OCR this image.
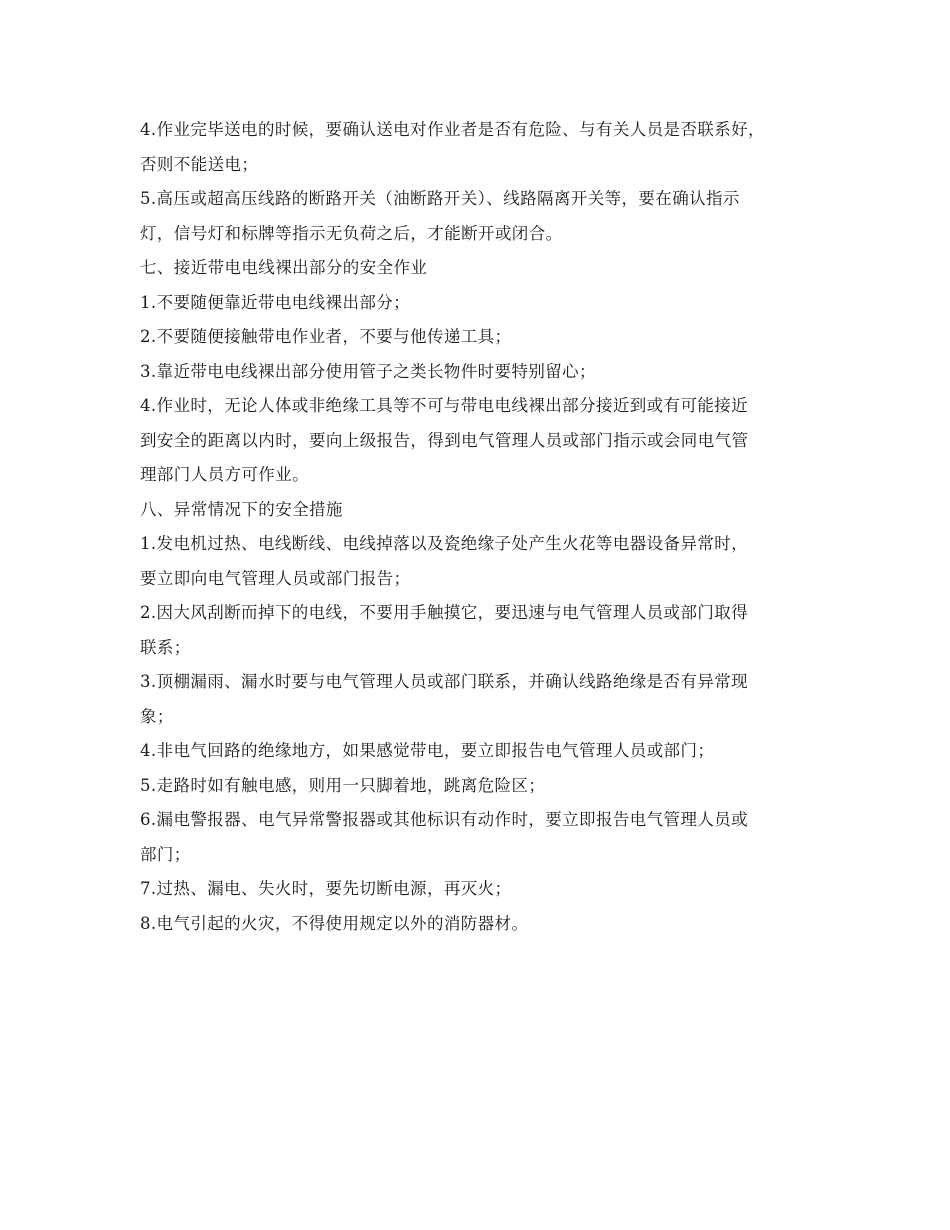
4.作业完毕送电的时候，要确认送电对作业者是否有危险、与有关人员是否联系好，
否则不能送电；
5.高压或超高压线路的断路开关（油断路开关）、线路隔离开关等，要在确认指示
灯，信号灯和标牌等指示无负荷之后，才能断开或闭合。
七、接近带电电线裸出部分的安全作业
1.不要随便靠近带电电线裸出部分；
2.不要随便接触带电作业者，不要与他传递工具；
3.靠近带电电线裸出部分使用管子之类长物件时要特别留心；
4.作业时，无论人体或非绝缘工具等不可与带电电线裸出部分接近到或有可能接近
到安全的距离以内时，要向上级报告，得到电气管理人员或部门指示或会同电气管
理部门人员方可作业。
八、异常情况下的安全措施
1.发电机过热、电线断线、电线掉落以及瓷绝缘子处产生火花等电器设备异常时，
要立即向电气管理人员或部门报告；
2.因大风刮断而掉下的电线，不要用手触摸它，要迅速与电气管理人员或部门取得
联系；
3.顶棚漏雨、漏水时要与电气管理人员或部门联系，并确认线路绝缘是否有异常现
象；
4.非电气回路的绝缘地方，如果感觉带电，要立即报告电气管理人员或部门；
5.走路时如有触电感，则用一只脚着地，跳离危险区；
6.漏电警报器、电气异常警报器或其他标识有动作时，要立即报告电气管理人员或
部门；
7.过热、漏电、失火时，要先切断电源，再灭火；
8.电气引起的火灾，不得使用规定以外的消防器材。
